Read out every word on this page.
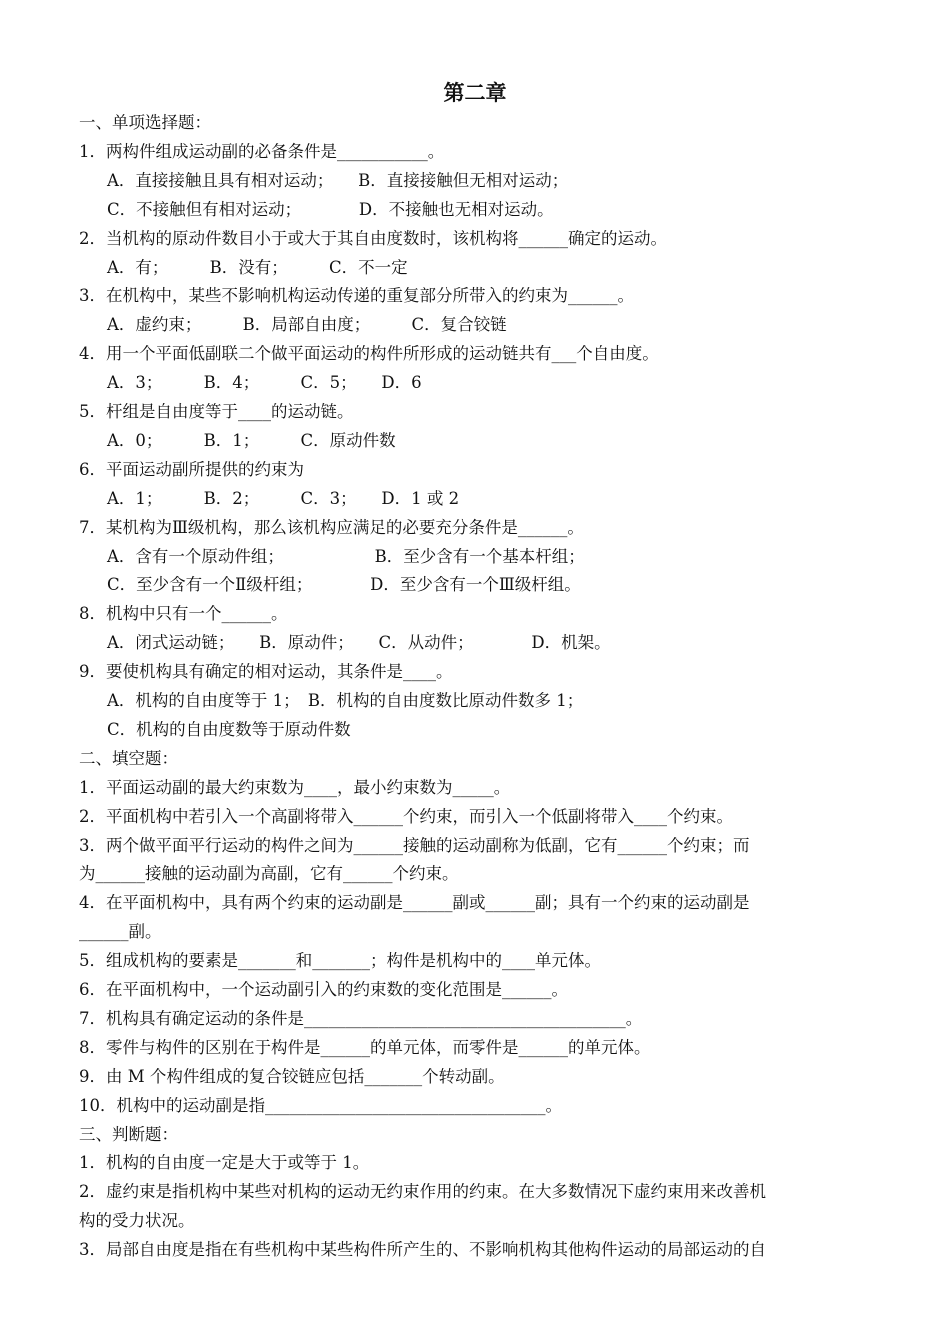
第二章
一、单项选择题：
1．两构件组成运动副的必备条件是___________。
A．直接接触且具有相对运动；　　B．直接接触但无相对运动；
C．不接触但有相对运动；　　　　D．不接触也无相对运动。
2．当机构的原动件数目小于或大于其自由度数时，该机构将______确定的运动。
A．有；　　　B．没有；　　　C．不一定
3．在机构中，某些不影响机构运动传递的重复部分所带入的约束为______。
A．虚约束；　　　B．局部自由度；　　　C．复合铰链
4．用一个平面低副联二个做平面运动的构件所形成的运动链共有___个自由度。
A．3；　　　B．4；　　　C．5；　　D．6
5．杆组是自由度等于____的运动链。
A．0；　　　B．1；　　　C．原动件数
6．平面运动副所提供的约束为
A．1；　　　B．2；　　　C．3；　　D．1 或 2
7．某机构为Ⅲ级机构，那么该机构应满足的必要充分条件是______。
A．含有一个原动件组；　　　　　　B．至少含有一个基本杆组；
C．至少含有一个Ⅱ级杆组；　　　　D．至少含有一个Ⅲ级杆组。
8．机构中只有一个______。
A．闭式运动链；　　B．原动件；　　C．从动件；　　　　D．机架。
9．要使机构具有确定的相对运动，其条件是____。
A．机构的自由度等于 1；　B．机构的自由度数比原动件数多 1；
C．机构的自由度数等于原动件数
二、填空题：
1．平面运动副的最大约束数为____，最小约束数为_____。
2．平面机构中若引入一个高副将带入______个约束，而引入一个低副将带入____个约束。
3．两个做平面平行运动的构件之间为______接触的运动副称为低副，它有______个约束；而
为______接触的运动副为高副，它有______个约束。
4．在平面机构中，具有两个约束的运动副是______副或______副；具有一个约束的运动副是
______副。
5．组成机构的要素是_______和_______；构件是机构中的____单元体。
6．在平面机构中，一个运动副引入的约束数的变化范围是______。
7．机构具有确定运动的条件是_______________________________________。
8．零件与构件的区别在于构件是______的单元体，而零件是______的单元体。
9．由 M 个构件组成的复合铰链应包括_______个转动副。
10．机构中的运动副是指__________________________________。
三、判断题：
1．机构的自由度一定是大于或等于 1。
2．虚约束是指机构中某些对机构的运动无约束作用的约束。在大多数情况下虚约束用来改善机
构的受力状况。
3．局部自由度是指在有些机构中某些构件所产生的、不影响机构其他构件运动的局部运动的自
